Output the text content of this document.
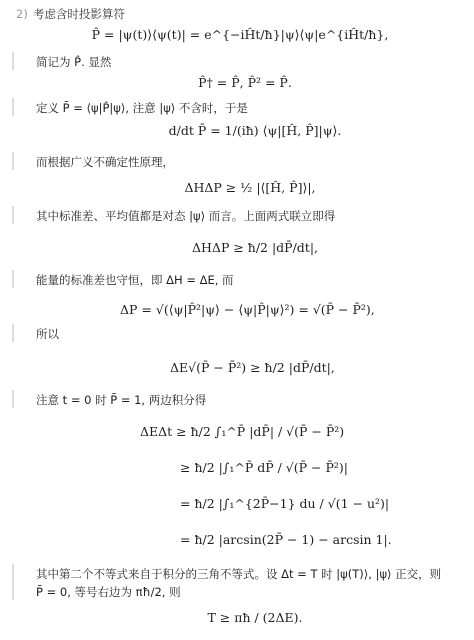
2) 考虑含时投影算符
P̂ = |ψ(t)⟩⟨ψ(t)| = e^{−iĤt/ħ}|ψ⟩⟨ψ|e^{iĤt/ħ},
简记为 P̂. 显然
P̂† = P̂, P̂² = P̂.
定义 P̄ = ⟨ψ|P̂|ψ⟩, 注意 |ψ⟩ 不含时，于是
d/dt P̄ = 1/(iħ) ⟨ψ|[Ĥ, P̂]|ψ⟩.
而根据广义不确定性原理，
ΔHΔP ≥ ½ |⟨[Ĥ, P̂]⟩|,
其中标准差、平均值都是对态 |ψ⟩ 而言。上面两式联立即得
ΔHΔP ≥ ħ/2 |dP̄/dt|,
能量的标准差也守恒，即 ΔH = ΔE, 而
ΔP = √(⟨ψ|P̂²|ψ⟩ − ⟨ψ|P̂|ψ⟩²) = √(P̄ − P̄²),
所以
ΔE√(P̄ − P̄²) ≥ ħ/2 |dP̄/dt|,
注意 t = 0 时 P̄ = 1, 两边积分得
ΔEΔt ≥ ħ/2 ∫₁^P̄ |dP̄| / √(P̄ − P̄²)
≥ ħ/2 |∫₁^P̄ dP̄ / √(P̄ − P̄²)|
= ħ/2 |∫₁^{2P̄−1} du / √(1 − u²)|
= ħ/2 |arcsin(2P̄ − 1) − arcsin 1|.
其中第二个不等式来自于积分的三角不等式。设 Δt = T 时 |ψ(T)⟩, |ψ⟩ 正交，则
P̄ = 0, 等号右边为 πħ/2, 则
T ≥ πħ / (2ΔE).
